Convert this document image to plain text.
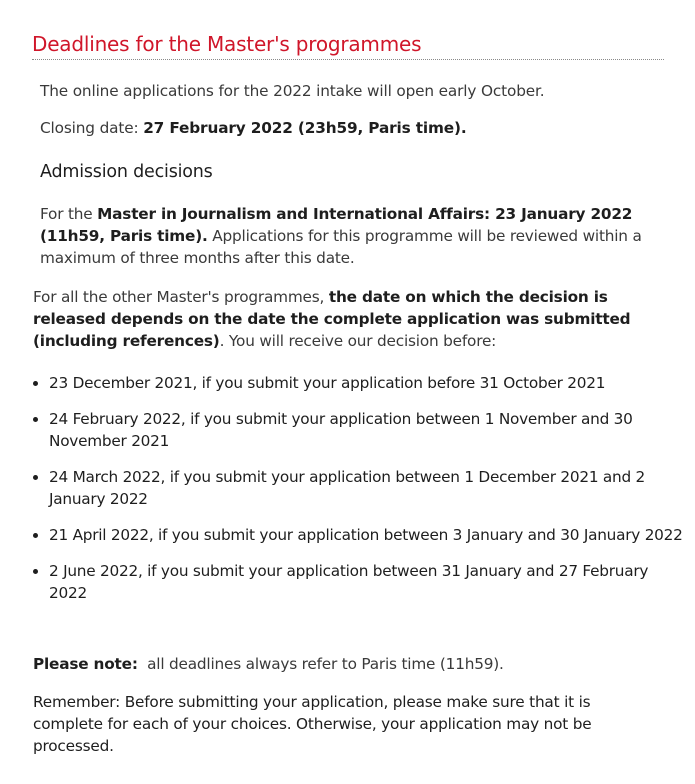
Deadlines for the Master's programmes

The online applications for the 2022 intake will open early October.

Closing date: 27 February 2022 (23h59, Paris time).

Admission decisions

For the Master in Journalism and International Affairs: 23 January 2022 (11h59, Paris time). Applications for this programme will be reviewed within a maximum of three months after this date.

For all the other Master's programmes, the date on which the decision is released depends on the date the complete application was submitted (including references). You will receive our decision before:

23 December 2021, if you submit your application before 31 October 2021
24 February 2022, if you submit your application between 1 November and 30 November 2021
24 March 2022, if you submit your application between 1 December 2021 and 2 January 2022
21 April 2022, if you submit your application between 3 January and 30 January 2022
2 June 2022, if you submit your application between 31 January and 27 February 2022

Please note:  all deadlines always refer to Paris time (11h59).

Remember: Before submitting your application, please make sure that it is complete for each of your choices. Otherwise, your application may not be processed.
